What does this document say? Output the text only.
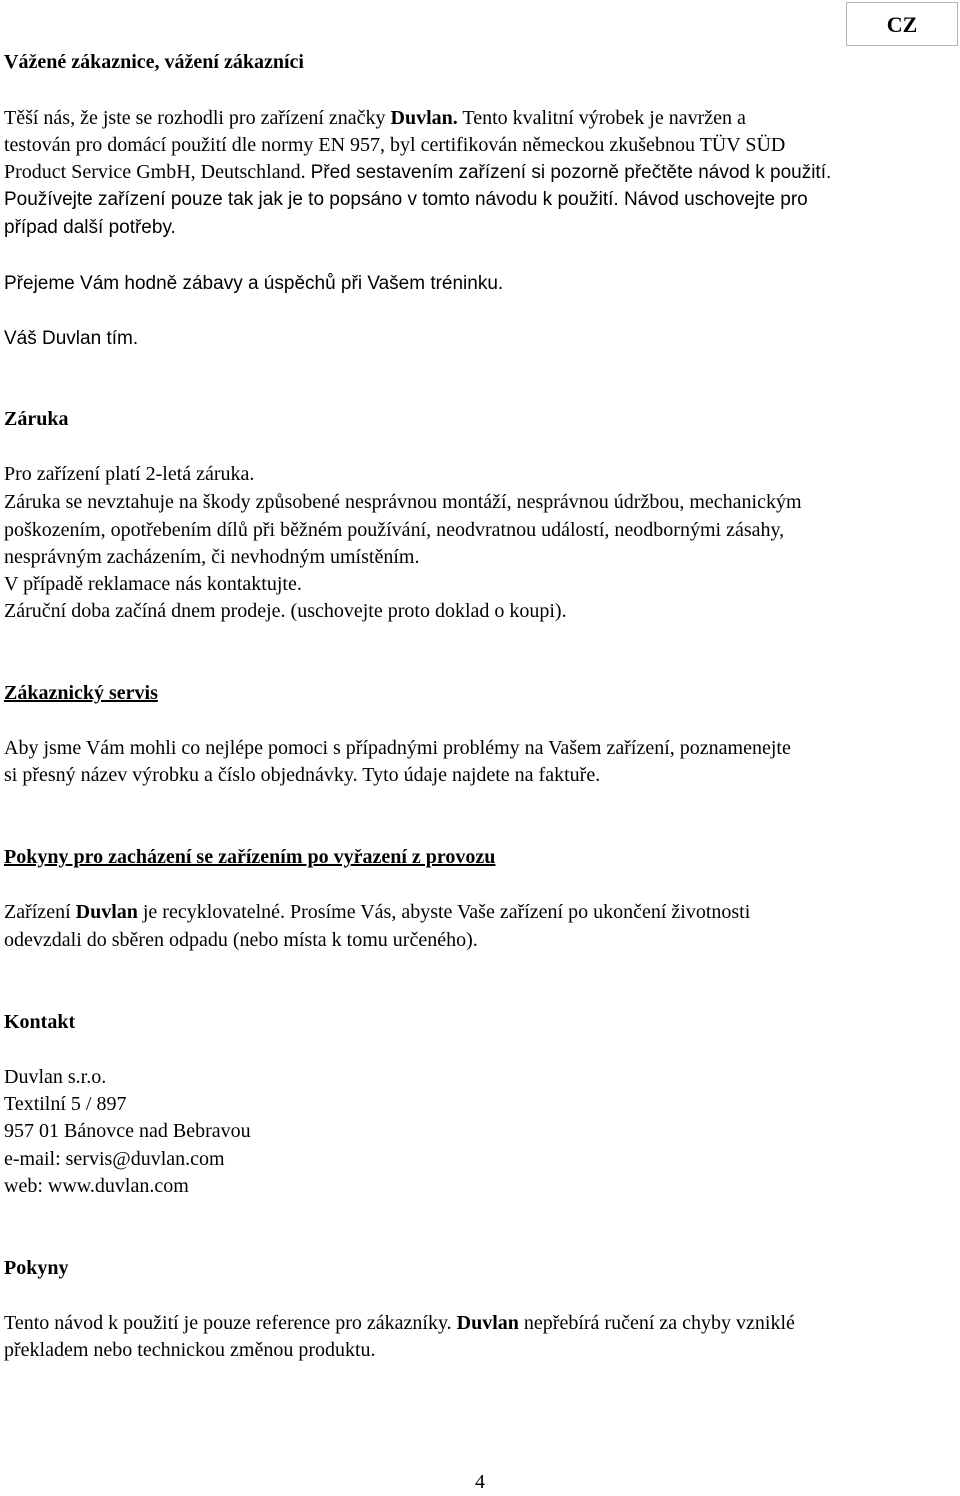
CZ
Vážené zákaznice, vážení zákazníci
Těší nás, že jste se rozhodli pro zařízení značky Duvlan. Tento kvalitní výrobek je navržen a
testován pro domácí použití dle normy EN 957, byl certifikován německou zkušebnou TÜV SÜD
Product Service GmbH, Deutschland. Před sestavením zařízení si pozorně přečtěte návod k použití.
Používejte zařízení pouze tak jak je to popsáno v tomto návodu k použití. Návod uschovejte pro
případ další potřeby.
Přejeme Vám hodně zábavy a úspěchů při Vašem tréninku.
Váš Duvlan tím.
Záruka
Pro zařízení platí 2-letá záruka.
Záruka se nevztahuje na škody způsobené nesprávnou montáží, nesprávnou údržbou, mechanickým
poškozením, opotřebením dílů při běžném používání, neodvratnou událostí, neodbornými zásahy,
nesprávným zacházením, či nevhodným umístěním.
V případě reklamace nás kontaktujte.
Záruční doba začíná dnem prodeje. (uschovejte proto doklad o koupi).
Zákaznický servis
Aby jsme Vám mohli co nejlépe pomoci s případnými problémy na Vašem zařízení, poznamenejte
si přesný název výrobku a číslo objednávky. Tyto údaje najdete na faktuře.
Pokyny pro zacházení se zařízením po vyřazení z provozu
Zařízení Duvlan je recyklovatelné. Prosíme Vás, abyste Vaše zařízení po ukončení životnosti
odevzdali do sběren odpadu (nebo místa k tomu určeného).
Kontakt
Duvlan s.r.o.
Textilní 5 / 897
957 01 Bánovce nad Bebravou
e-mail: servis@duvlan.com
web: www.duvlan.com
Pokyny
Tento návod k použití je pouze reference pro zákazníky. Duvlan nepřebírá ručení za chyby vzniklé
překladem nebo technickou změnou produktu.
4
